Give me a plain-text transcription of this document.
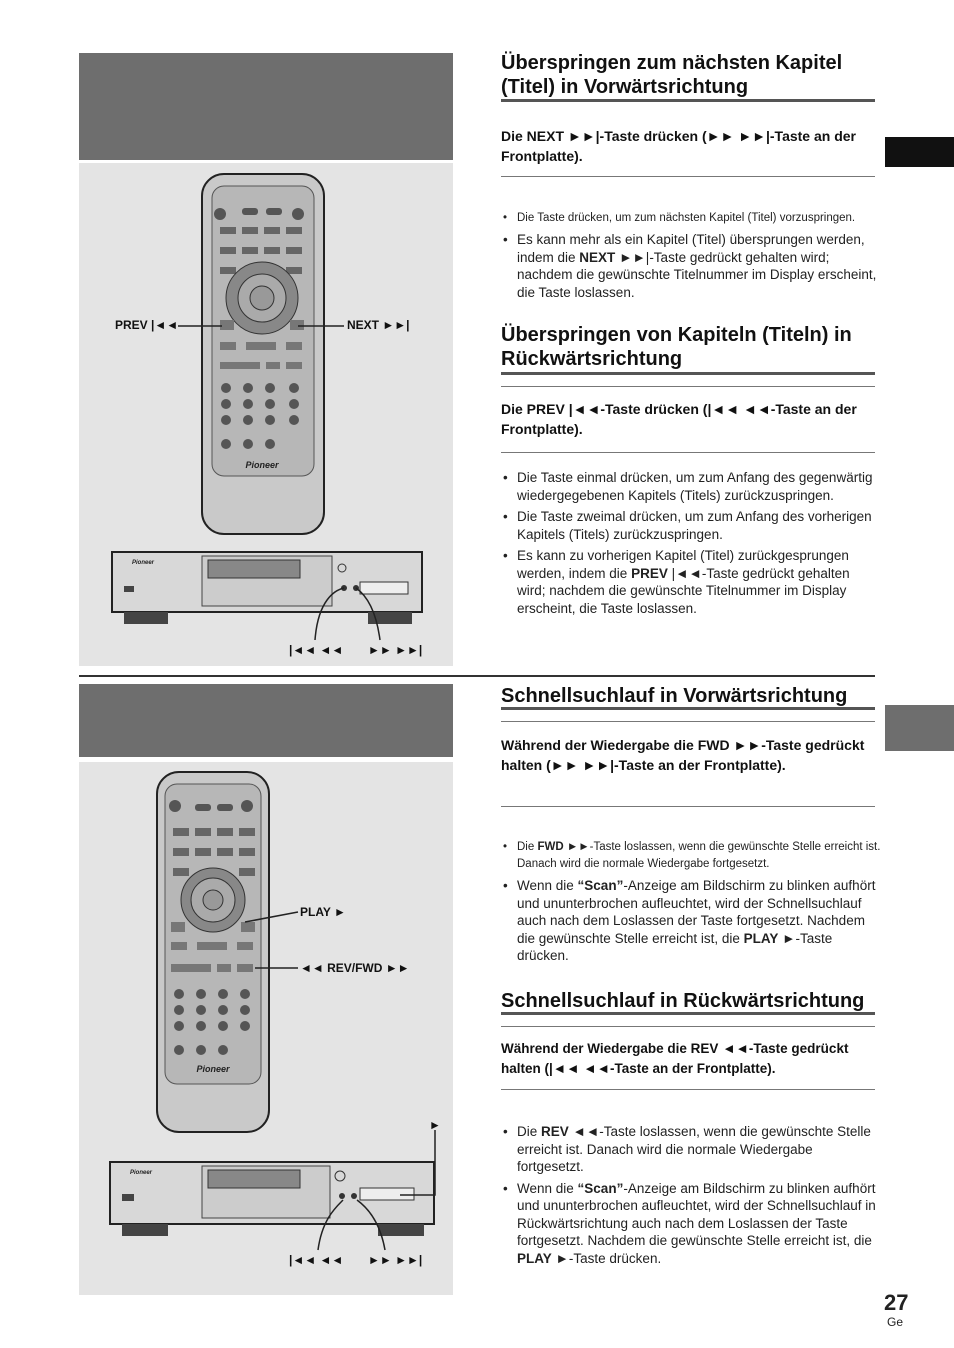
Pioneer
Pioneer
Pioneer
Pioneer
PREV |◄◄	NEXT ►►|
|◄◄ ◄◄ ►► ►►|
PLAY ►
◄◄ REV/FWD ►►
►
|◄◄ ◄◄ ►► ►►|
Überspringen zum nächsten Kapitel (Titel) in Vorwärtsrichtung
Die NEXT ►►|-Taste drücken (►► ►►|-Taste an der Frontplatte).
• Die Taste drücken, um zum nächsten Kapitel (Titel) vorzuspringen.
• Es kann mehr als ein Kapitel (Titel) übersprungen werden, indem die NEXT ►►|-Taste gedrückt gehalten wird; nachdem die gewünschte Titelnummer im Display erscheint, die Taste loslassen.
Überspringen von Kapiteln (Titeln) in Rückwärtsrichtung
Die PREV |◄◄-Taste drücken (|◄◄ ◄◄-Taste an der Frontplatte).
• Die Taste einmal drücken, um zum Anfang des gegenwärtig wiedergegebenen Kapitels (Titels) zurückzuspringen.
• Die Taste zweimal drücken, um zum Anfang des vorherigen Kapitels (Titels) zurückzuspringen.
• Es kann zu vorherigen Kapitel (Titel) zurückgesprungen werden, indem die PREV |◄◄-Taste gedrückt gehalten wird; nachdem die gewünschte Titelnummer im Display erscheint, die Taste loslassen.
Schnellsuchlauf in Vorwärtsrichtung
Während der Wiedergabe die FWD ►►-Taste gedrückt halten (►► ►►|-Taste an der Frontplatte).
• Die FWD ►►-Taste loslassen, wenn die gewünschte Stelle erreicht ist. Danach wird die normale Wiedergabe fortgesetzt.
• Wenn die “Scan”-Anzeige am Bildschirm zu blinken aufhört und ununterbrochen aufleuchtet, wird der Schnellsuchlauf auch nach dem Loslassen der Taste fortgesetzt. Nachdem die gewünschte Stelle erreicht ist, die PLAY ►-Taste drücken.
Schnellsuchlauf in Rückwärtsrichtung
Während der Wiedergabe die REV ◄◄-Taste gedrückt halten (|◄◄ ◄◄-Taste an der Frontplatte).
• Die REV ◄◄-Taste loslassen, wenn die gewünschte Stelle erreicht ist. Danach wird die normale Wiedergabe fortgesetzt.
• Wenn die “Scan”-Anzeige am Bildschirm zu blinken aufhört und ununterbrochen aufleuchtet, wird der Schnellsuchlauf in Rückwärtsrichtung auch nach dem Loslassen der Taste fortgesetzt. Nachdem die gewünschte Stelle erreicht ist, die PLAY ►-Taste drücken.
27
Ge
